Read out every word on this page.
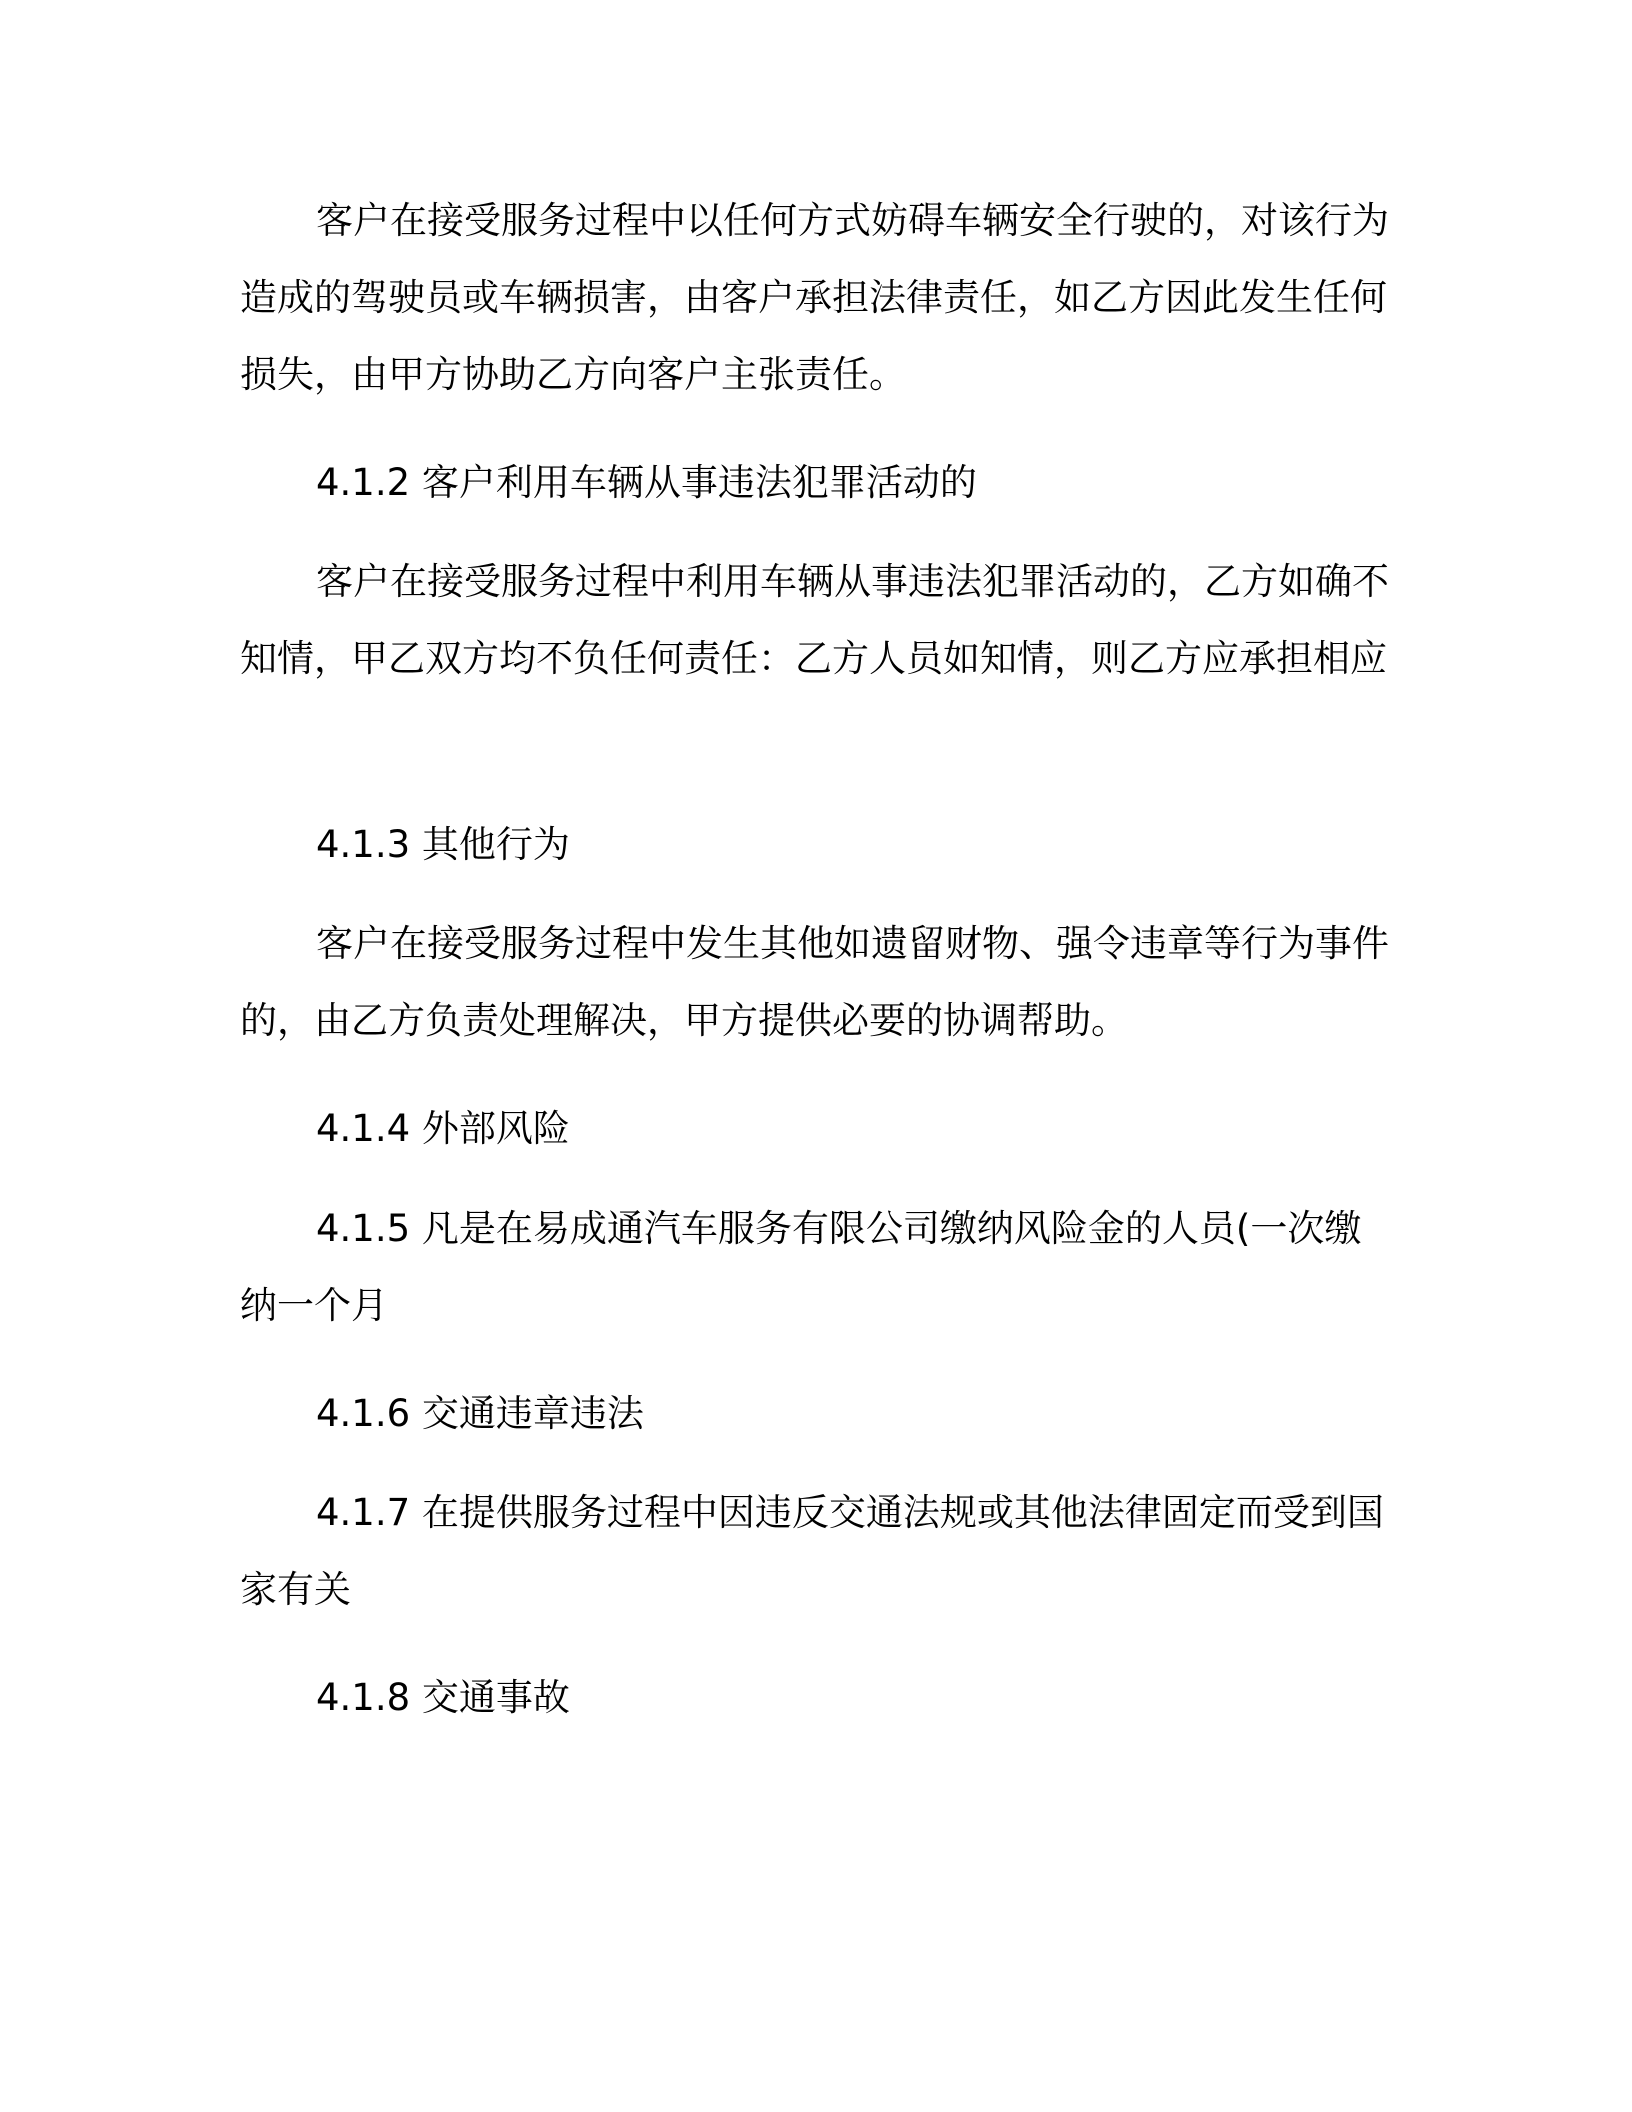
客户在接受服务过程中以任何方式妨碍车辆安全行驶的，对该行为造成的驾驶员或车辆损害，由客户承担法律责任，如乙方因此发生任何损失，由甲方协助乙方向客户主张责任。

4.1.2 客户利用车辆从事违法犯罪活动的

客户在接受服务过程中利用车辆从事违法犯罪活动的，乙方如确不知情，甲乙双方均不负任何责任：乙方人员如知情，则乙方应承担相应

4.1.3 其他行为

客户在接受服务过程中发生其他如遗留财物、强令违章等行为事件的，由乙方负责处理解决，甲方提供必要的协调帮助。

4.1.4 外部风险

4.1.5 凡是在易成通汽车服务有限公司缴纳风险金的人员(一次缴纳一个月

4.1.6 交通违章违法

4.1.7 在提供服务过程中因违反交通法规或其他法律固定而受到国家有关

4.1.8 交通事故
